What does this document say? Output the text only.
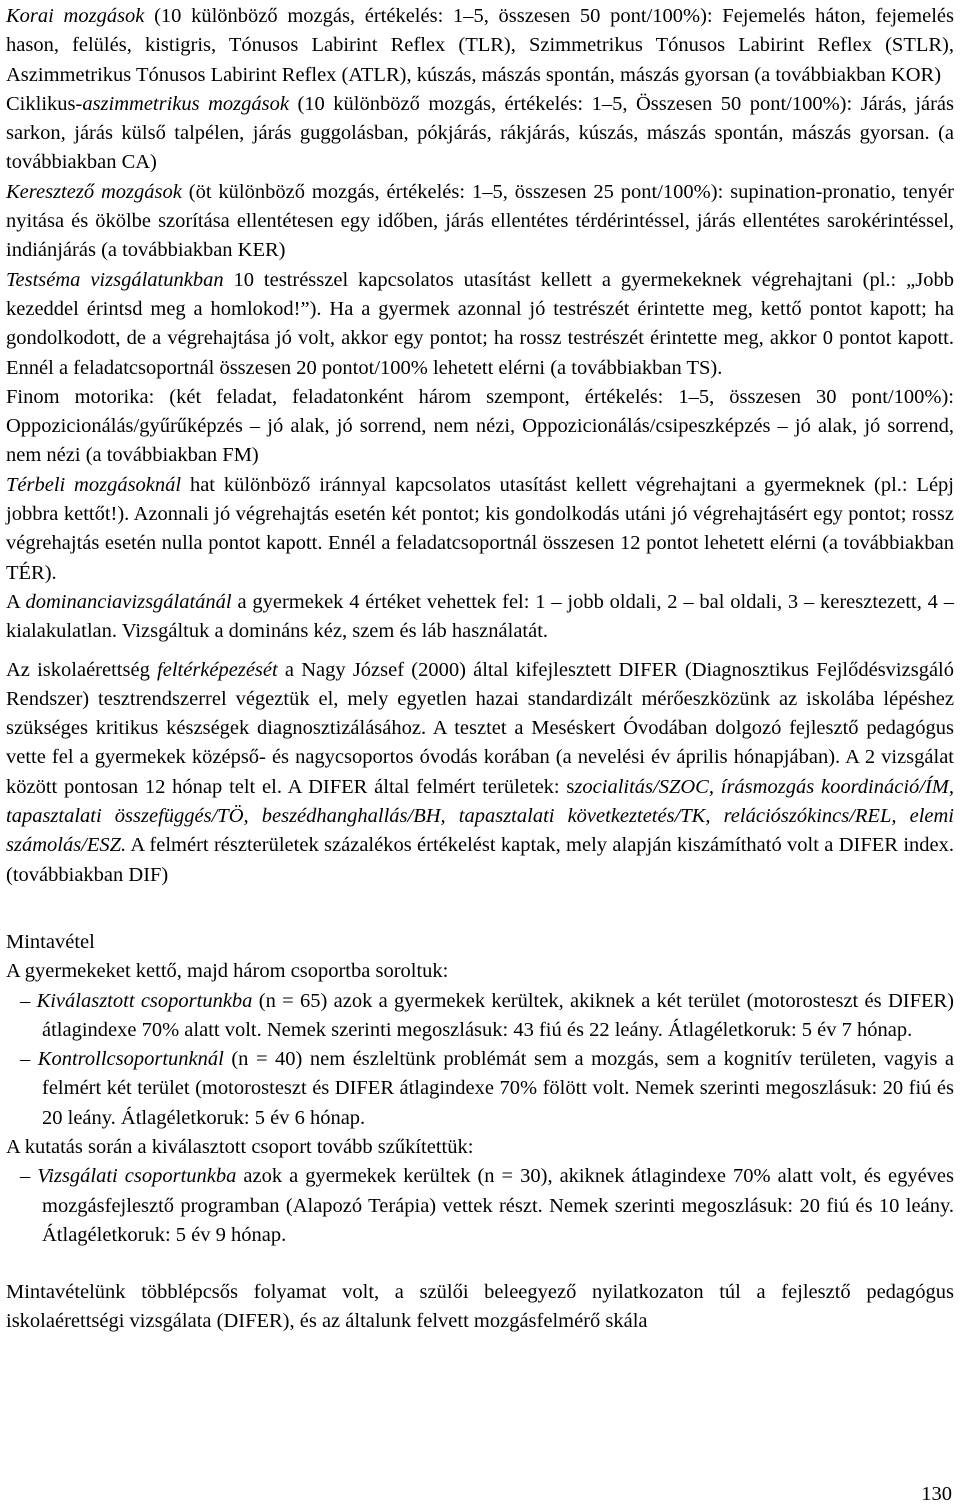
Korai mozgások (10 különböző mozgás, értékelés: 1–5, összesen 50 pont/100%): Fejemelés háton, fejemelés hason, felülés, kistigris, Tónusos Labirint Reflex (TLR), Szimmetrikus Tónusos Labirint Reflex (STLR), Aszimmetrikus Tónusos Labirint Reflex (ATLR), kúszás, mászás spontán, mászás gyorsan (a továbbiakban KOR)

Ciklikus-aszimmetrikus mozgások (10 különböző mozgás, értékelés: 1–5, Összesen 50 pont/100%): Járás, járás sarkon, járás külső talpélen, járás guggolásban, pókjárás, rákjárás, kúszás, mászás spontán, mászás gyorsan. (a továbbiakban CA)

Keresztező mozgások (öt különböző mozgás, értékelés: 1–5, összesen 25 pont/100%): supination-pronatio, tenyér nyitása és ökölbe szorítása ellentétesen egy időben, járás ellentétes térdérintéssel, járás ellentétes sarokérintéssel, indiánjárás (a továbbiakban KER)

Testséma vizsgálatunkban 10 testrésszel kapcsolatos utasítást kellett a gyermekeknek végrehajtani (pl.: „Jobb kezeddel érintsd meg a homlokod!”). Ha a gyermek azonnal jó testrészét érintette meg, kettő pontot kapott; ha gondolkodott, de a végrehajtása jó volt, akkor egy pontot; ha rossz testrészét érintette meg, akkor 0 pontot kapott. Ennél a feladatcsoportnál összesen 20 pontot/100% lehetett elérni (a továbbiakban TS).

Finom motorika: (két feladat, feladatonként három szempont, értékelés: 1–5, összesen 30 pont/100%): Oppozicionálás/gyűrűképzés – jó alak, jó sorrend, nem nézi, Oppozicionálás/csipeszképzés – jó alak, jó sorrend, nem nézi (a továbbiakban FM)

Térbeli mozgásoknál hat különböző iránnyal kapcsolatos utasítást kellett végrehajtani a gyermeknek (pl.: Lépj jobbra kettőt!). Azonnali jó végrehajtás esetén két pontot; kis gondolkodás utáni jó végrehajtásért egy pontot; rossz végrehajtás esetén nulla pontot kapott. Ennél a feladatcsoportnál összesen 12 pontot lehetett elérni (a továbbiakban TÉR).

A dominanciavizsgálatánál a gyermekek 4 értéket vehettek fel: 1 – jobb oldali, 2 – bal oldali, 3 – keresztezett, 4 – kialakulatlan. Vizsgáltuk a domináns kéz, szem és láb használatát.

Az iskolaérettség feltérképezését a Nagy József (2000) által kifejlesztett DIFER (Diagnosztikus Fejlődésvizsgáló Rendszer) tesztrendszerrel végeztük el, mely egyetlen hazai standardizált mérőeszközünk az iskolába lépéshez szükséges kritikus készségek diagnosztizálásához. A tesztet a Meséskert Óvodában dolgozó fejlesztő pedagógus vette fel a gyermekek középső- és nagycsoportos óvodás korában (a nevelési év április hónapjában). A 2 vizsgálat között pontosan 12 hónap telt el. A DIFER által felmért területek: szocialitás/SZOC, írásmozgás koordináció/ÍM, tapasztalati összefüggés/TÖ, beszédhanghallás/BH, tapasztalati következtetés/TK, relációszókincs/REL, elemi számolás/ESZ. A felmért részterületek százalékos értékelést kaptak, mely alapján kiszámítható volt a DIFER index. (továbbiakban DIF)

Mintavétel

A gyermekeket kettő, majd három csoportba soroltuk:

– Kiválasztott csoportunkba (n = 65) azok a gyermekek kerültek, akiknek a két terület (motorosteszt és DIFER) átlagindexe 70% alatt volt. Nemek szerinti megoszlásuk: 43 fiú és 22 leány. Átlagéletkoruk: 5 év 7 hónap.

– Kontrollcsoportunknál (n = 40) nem észleltünk problémát sem a mozgás, sem a kognitív területen, vagyis a felmért két terület (motorosteszt és DIFER átlagindexe 70% fölött volt. Nemek szerinti megoszlásuk: 20 fiú és 20 leány. Átlagéletkoruk: 5 év 6 hónap.

A kutatás során a kiválasztott csoport tovább szűkítettük:

– Vizsgálati csoportunkba azok a gyermekek kerültek (n = 30), akiknek átlagindexe 70% alatt volt, és egyéves mozgásfejlesztő programban (Alapozó Terápia) vettek részt. Nemek szerinti megoszlásuk: 20 fiú és 10 leány. Átlagéletkoruk: 5 év 9 hónap.

Mintavételünk többlépcsős folyamat volt, a szülői beleegyező nyilatkozaton túl a fejlesztő pedagógus iskolaérettségi vizsgálata (DIFER), és az általunk felvett mozgásfelmérő skála

130
